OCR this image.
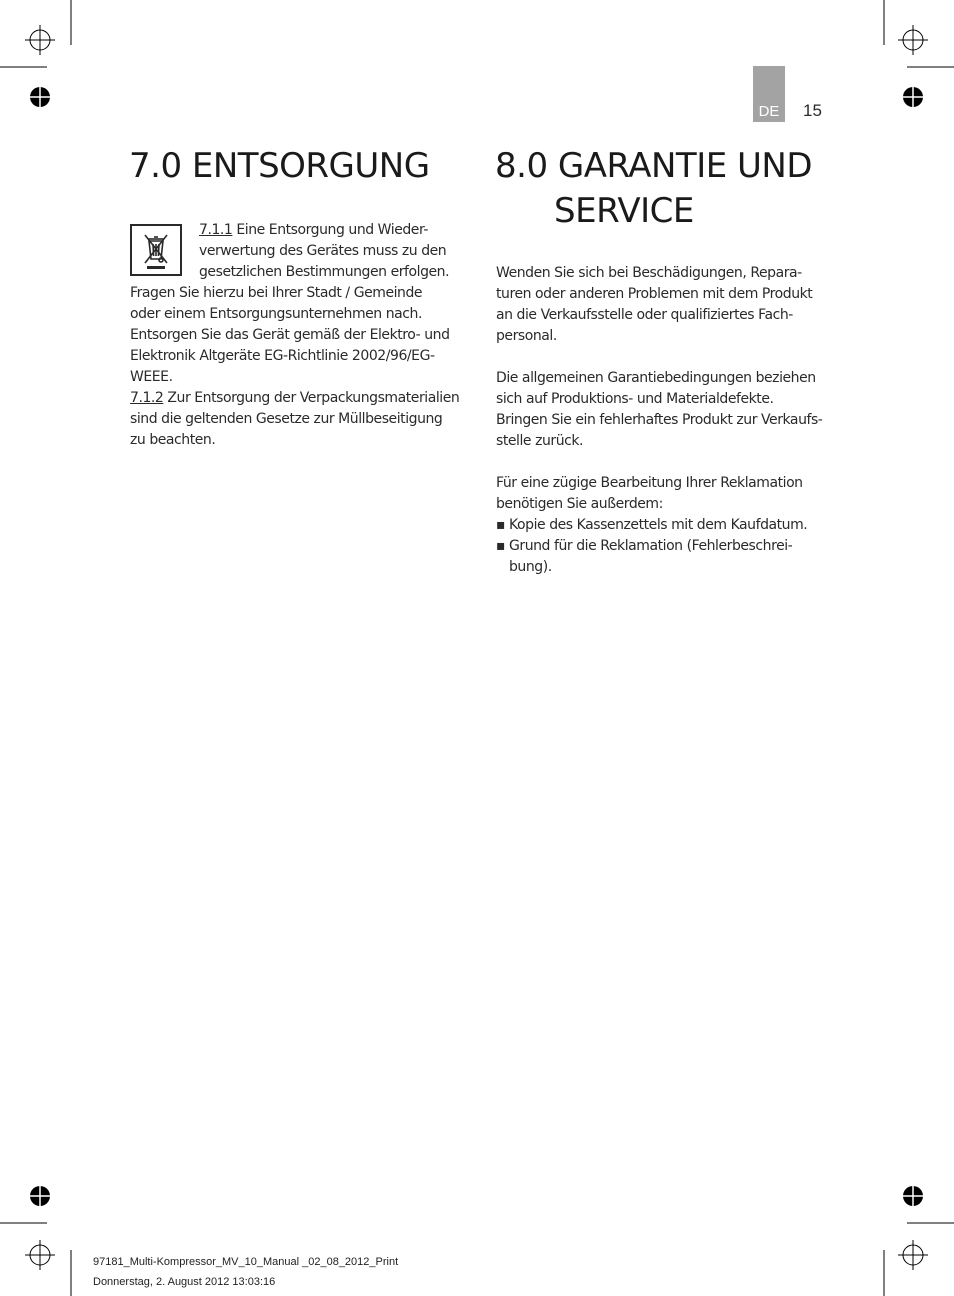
DE	15
7.0 ENTSORGUNG

7.1.1 Eine Entsorgung und Wieder-

verwertung des Gerätes muss zu den

gesetzlichen Bestimmungen erfolgen.

Fragen Sie hierzu bei Ihrer Stadt / Gemeinde

oder einem Entsorgungsunternehmen nach.

Entsorgen Sie das Gerät gemäß der Elektro- und

Elektronik Altgeräte EG-Richtlinie 2002/96/EG-

WEEE.

7.1.2 Zur Entsorgung der Verpackungsmaterialien

sind die geltenden Gesetze zur Müllbeseitigung

zu beachten.

8.0 GARANTIE UND
SERVICE

Wenden Sie sich bei Beschädigungen, Repara-

turen oder anderen Problemen mit dem Produkt

an die Verkaufsstelle oder qualifiziertes Fach-

personal.

Die allgemeinen Garantiebedingungen beziehen

sich auf Produktions- und Materialdefekte.

Bringen Sie ein fehlerhaftes Produkt zur Verkaufs-

stelle zurück.

Für eine zügige Bearbeitung Ihrer Reklamation

benötigen Sie außerdem:

▪ Kopie des Kassenzettels mit dem Kaufdatum.

▪ Grund für die Reklamation (Fehlerbeschrei-

bung).

97181_Multi-Kompressor_MV_10_Manual _02_08_2012_Print
Donnerstag, 2. August 2012 13:03:16
